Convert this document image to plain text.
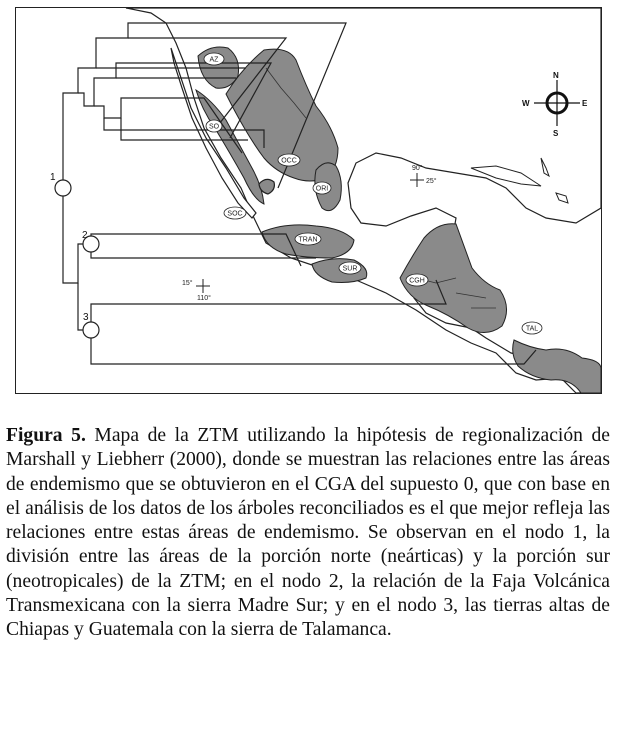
1
2
3
AZ
SO
OCC
ORI
SOC
TRAN
SUR
CGH
TAL
90°
25°
15°
110°
N
S
E
W

Figura 5. Mapa de la ZTM utilizando la hipótesis de regionalización de Marshall y Liebherr (2000), donde se muestran las relaciones entre las áreas de endemismo que se obtuvieron en el CGA del supuesto 0, que con base en el análisis de los datos de los árboles reconciliados es el que mejor refleja las relaciones entre estas áreas de endemismo. Se observan en el nodo 1, la división entre las áreas de la porción norte (neárticas) y la porción sur (neotropicales) de la ZTM; en el nodo 2, la relación de la Faja Volcánica Transmexicana con la sierra Madre Sur; y en el nodo 3, las tierras altas de Chiapas y Guatemala con la sierra de Talamanca.
